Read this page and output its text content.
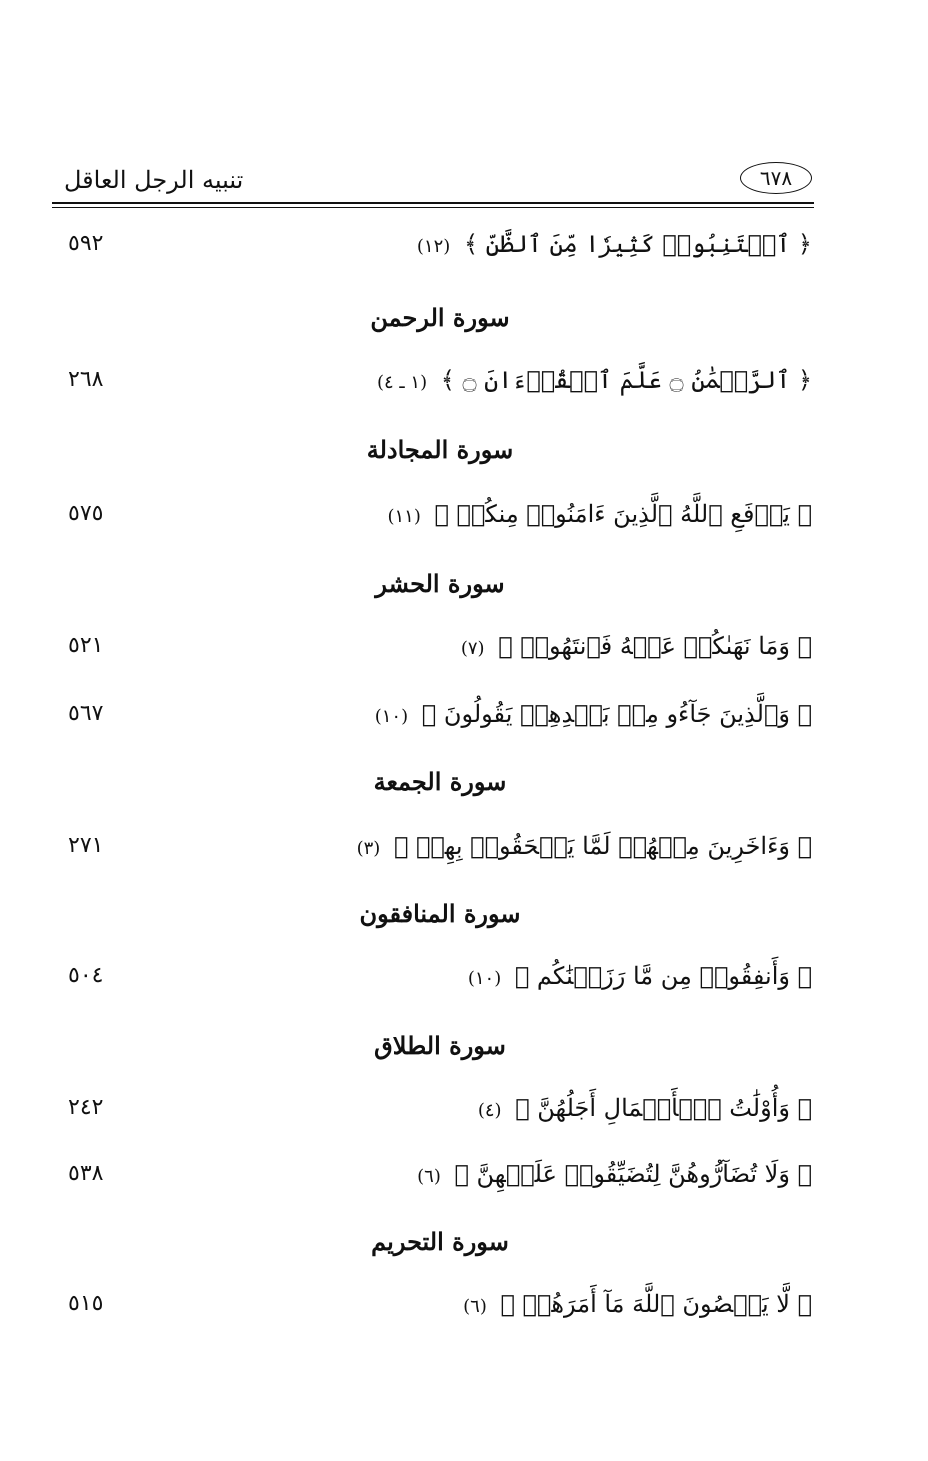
تنبيه الرجل العاقل	٦٧٨
﴿ ٱجۡتَنِبُوا۟ كَثِيرٗا مِّنَ ٱلظَّنِّ ﴾ (١٢)
٥٩٢
سورة الرحمن
﴿ ٱلرَّحۡمَٰنُ ۝ عَلَّمَ ٱلۡقُرۡءَانَ ۝ ﴾ (١ ـ ٤)
٢٦٨
سورة المجادلة
﴿ يَرۡفَعِ ٱللَّهُ ٱلَّذِينَ ءَامَنُوا۟ مِنكُمۡ ﴾ (١١)
٥٧٥
سورة الحشر
﴿ وَمَا نَهَىٰكُمۡ عَنۡهُ فَٱنتَهُوا۟ ﴾ (٧)
٥٢١
﴿ وَٱلَّذِينَ جَآءُو مِنۢ بَعۡدِهِمۡ يَقُولُونَ ﴾ (١٠)
٥٦٧
سورة الجمعة
﴿ وَءَاخَرِينَ مِنۡهُمۡ لَمَّا يَلۡحَقُوا۟ بِهِمۡ ﴾ (٣)
٢٧١
سورة المنافقون
﴿ وَأَنفِقُوا۟ مِن مَّا رَزَقۡنَٰكُم ﴾ (١٠)
٥٠٤
سورة الطلاق
﴿ وَأُوْلَٰتُ ٱلۡأَحۡمَالِ أَجَلُهُنَّ ﴾ (٤)
٢٤٢
﴿ وَلَا تُضَآرُّوهُنَّ لِتُضَيِّقُوا۟ عَلَيۡهِنَّ ﴾ (٦)
٥٣٨
سورة التحريم
﴿ لَّا يَعۡصُونَ ٱللَّهَ مَآ أَمَرَهُمۡ ﴾ (٦)
٥١٥
